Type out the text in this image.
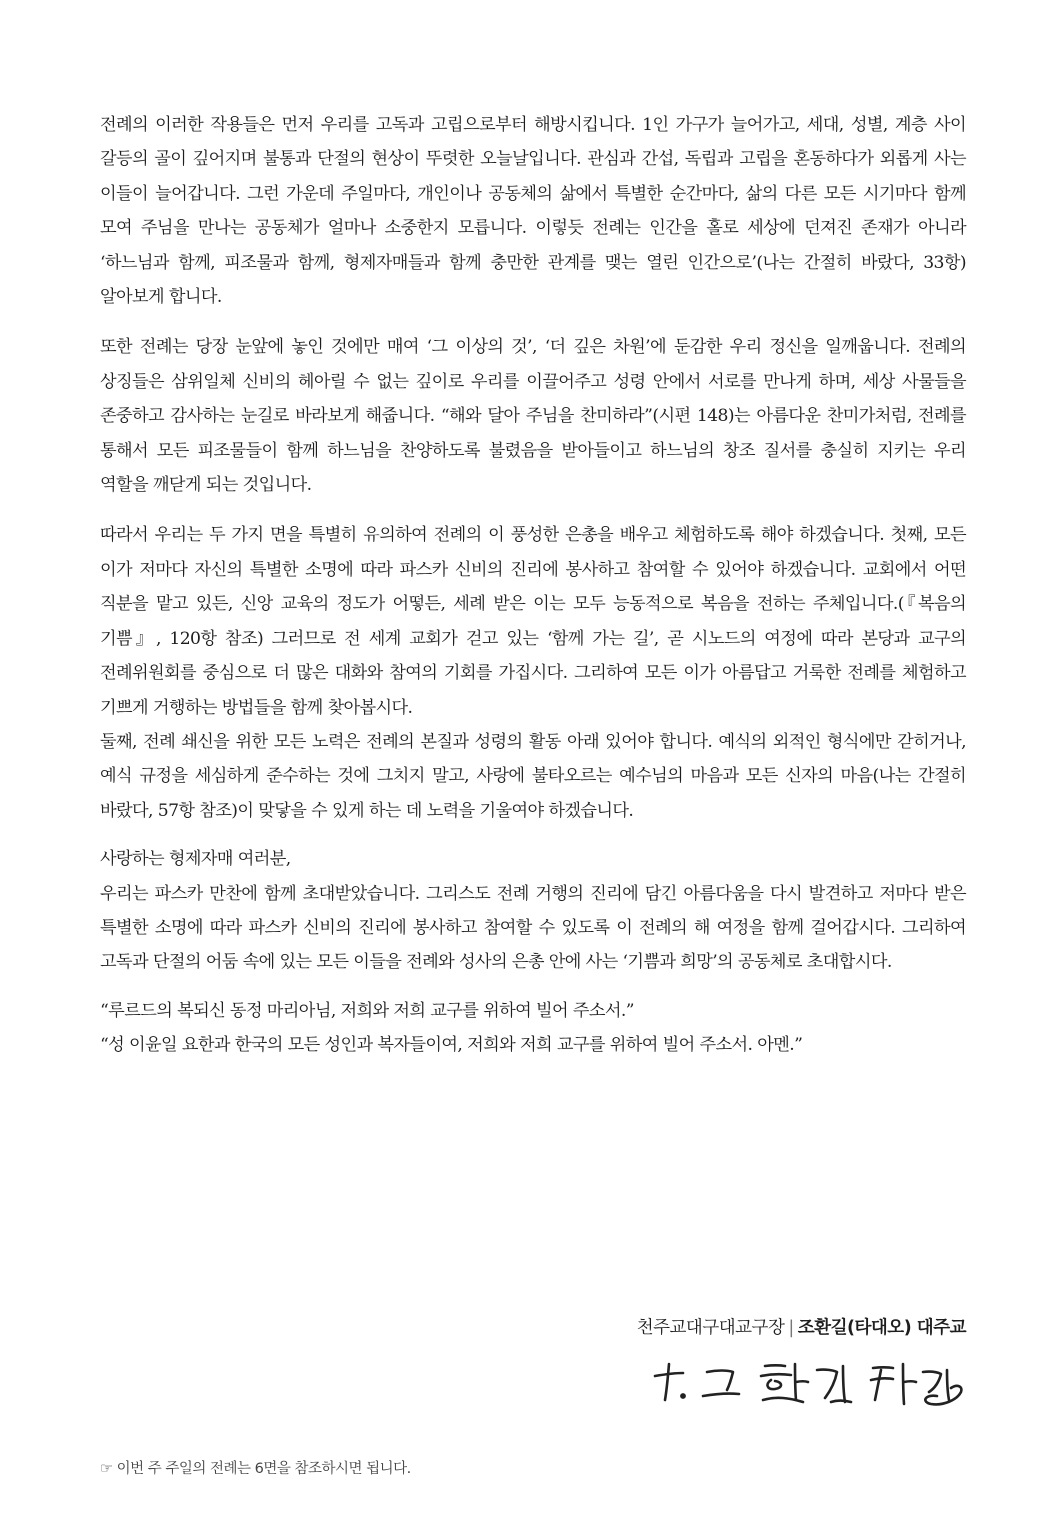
전례의 이러한 작용들은 먼저 우리를 고독과 고립으로부터 해방시킵니다. 1인 가구가 늘어가고, 세대, 성별, 계층 사이 갈등의 골이 깊어지며 불통과 단절의 현상이 뚜렷한 오늘날입니다. 관심과 간섭, 독립과 고립을 혼동하다가 외롭게 사는 이들이 늘어갑니다. 그런 가운데 주일마다, 개인이나 공동체의 삶에서 특별한 순간마다, 삶의 다른 모든 시기마다 함께 모여 주님을 만나는 공동체가 얼마나 소중한지 모릅니다. 이렇듯 전례는 인간을 홀로 세상에 던져진 존재가 아니라 ‘하느님과 함께, 피조물과 함께, 형제자매들과 함께 충만한 관계를 맺는 열린 인간으로’(나는 간절히 바랐다, 33항) 알아보게 합니다.

또한 전례는 당장 눈앞에 놓인 것에만 매여 ‘그 이상의 것’, ‘더 깊은 차원’에 둔감한 우리 정신을 일깨웁니다. 전례의 상징들은 삼위일체 신비의 헤아릴 수 없는 깊이로 우리를 이끌어주고 성령 안에서 서로를 만나게 하며, 세상 사물들을 존중하고 감사하는 눈길로 바라보게 해줍니다. “해와 달아 주님을 찬미하라”(시편 148)는 아름다운 찬미가처럼, 전례를 통해서 모든 피조물들이 함께 하느님을 찬양하도록 불렸음을 받아들이고 하느님의 창조 질서를 충실히 지키는 우리 역할을 깨닫게 되는 것입니다.

따라서 우리는 두 가지 면을 특별히 유의하여 전례의 이 풍성한 은총을 배우고 체험하도록 해야 하겠습니다. 첫째, 모든 이가 저마다 자신의 특별한 소명에 따라 파스카 신비의 진리에 봉사하고 참여할 수 있어야 하겠습니다. 교회에서 어떤 직분을 맡고 있든, 신앙 교육의 정도가 어떻든, 세례 받은 이는 모두 능동적으로 복음을 전하는 주체입니다.(『복음의 기쁨』, 120항 참조) 그러므로 전 세계 교회가 걷고 있는 ‘함께 가는 길’, 곧 시노드의 여정에 따라 본당과 교구의 전례위원회를 중심으로 더 많은 대화와 참여의 기회를 가집시다. 그리하여 모든 이가 아름답고 거룩한 전례를 체험하고 기쁘게 거행하는 방법들을 함께 찾아봅시다.

둘째, 전례 쇄신을 위한 모든 노력은 전례의 본질과 성령의 활동 아래 있어야 합니다. 예식의 외적인 형식에만 갇히거나, 예식 규정을 세심하게 준수하는 것에 그치지 말고, 사랑에 불타오르는 예수님의 마음과 모든 신자의 마음(나는 간절히 바랐다, 57항 참조)이 맞닿을 수 있게 하는 데 노력을 기울여야 하겠습니다.

사랑하는 형제자매 여러분,

우리는 파스카 만찬에 함께 초대받았습니다. 그리스도 전례 거행의 진리에 담긴 아름다움을 다시 발견하고 저마다 받은 특별한 소명에 따라 파스카 신비의 진리에 봉사하고 참여할 수 있도록 이 전례의 해 여정을 함께 걸어갑시다. 그리하여 고독과 단절의 어둠 속에 있는 모든 이들을 전례와 성사의 은총 안에 사는 ‘기쁨과 희망’의 공동체로 초대합시다.

“루르드의 복되신 동정 마리아님, 저희와 저희 교구를 위하여 빌어 주소서.”

“성 이윤일 요한과 한국의 모든 성인과 복자들이여, 저희와 저희 교구를 위하여 빌어 주소서. 아멘.”

천주교대구대교구장 | 조환길(타대오) 대주교
☞ 이번 주 주일의 전례는 6면을 참조하시면 됩니다.
